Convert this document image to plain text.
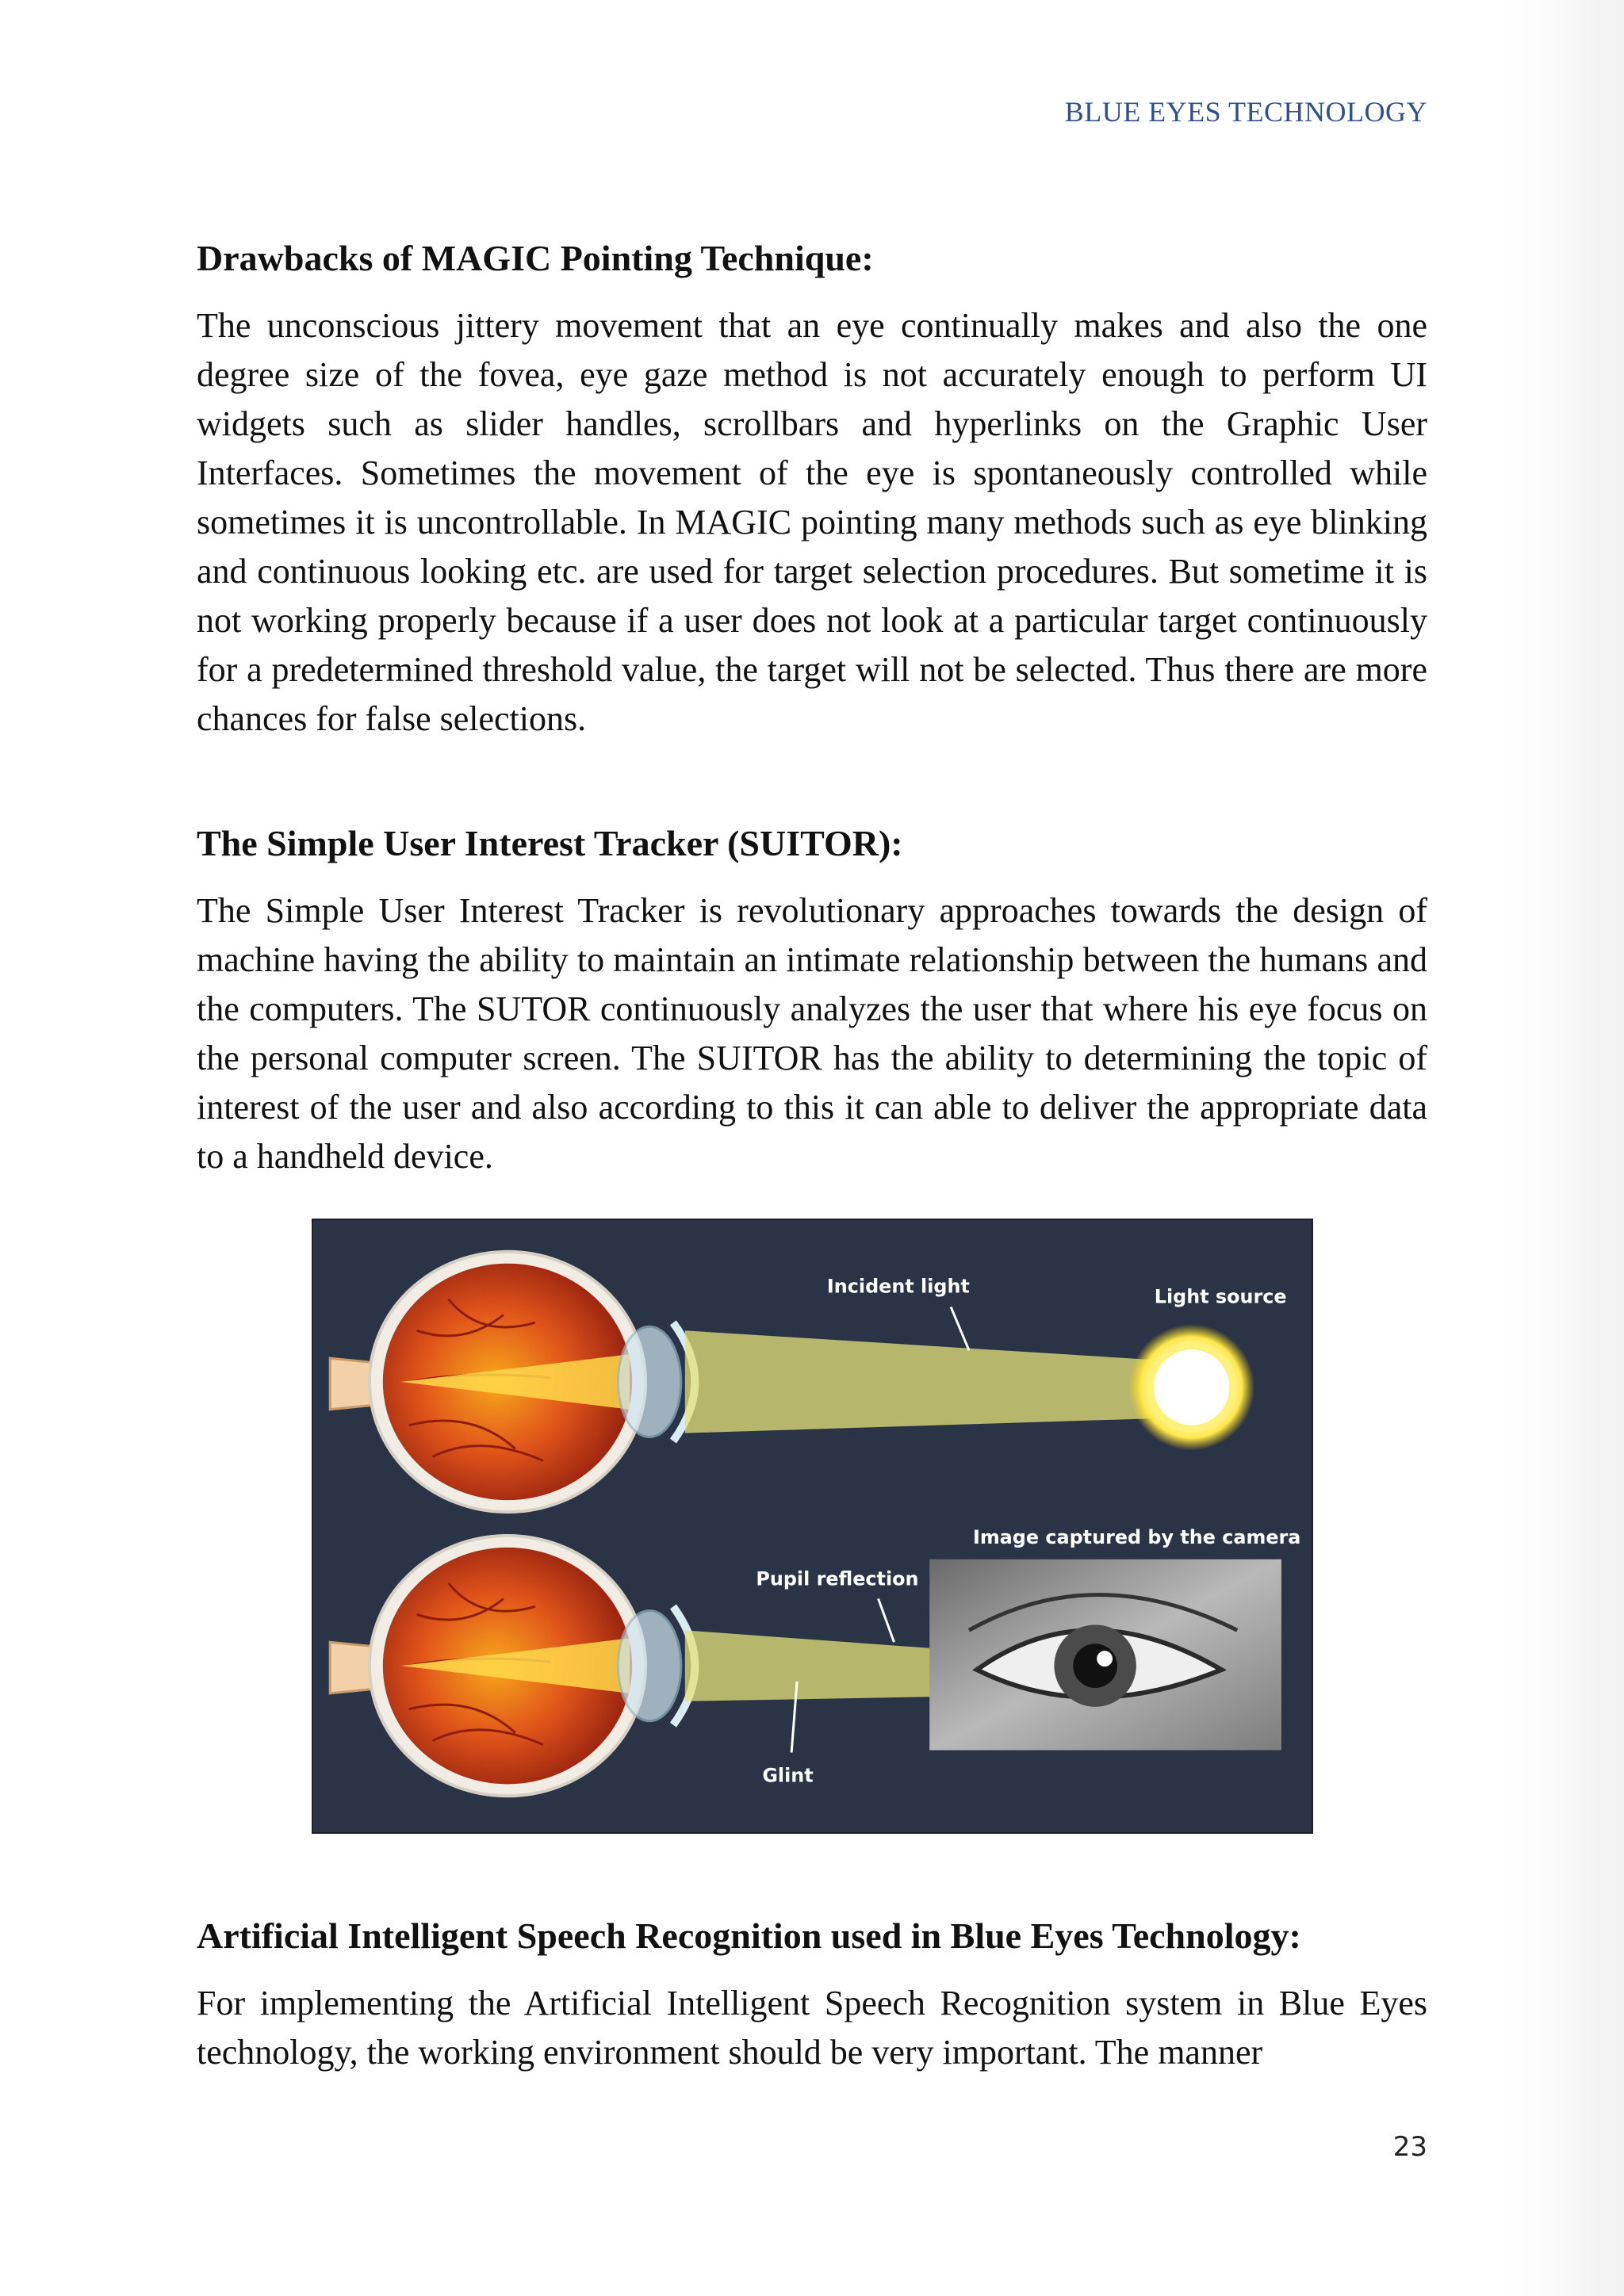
BLUE EYES TECHNOLOGY
Drawbacks of MAGIC Pointing Technique:

The unconscious jittery movement that an eye continually makes and also the one degree size of the fovea, eye gaze method is not accurately enough to perform UI widgets such as slider handles, scrollbars and hyperlinks on the Graphic User Interfaces. Sometimes the movement of the eye is spontaneously controlled while sometimes it is uncontrollable. In MAGIC pointing many methods such as eye blinking and continuous looking etc. are used for target selection procedures. But sometime it is not working properly because if a user does not look at a particular target continuously for a predetermined threshold value, the target will not be selected. Thus there are more chances for false selections.

The Simple User Interest Tracker (SUITOR):

The Simple User Interest Tracker is revolutionary approaches towards the design of machine having the ability to maintain an intimate relationship between the humans and the computers. The SUTOR continuously analyzes the user that where his eye focus on the personal computer screen. The SUITOR has the ability to determining the topic of interest of the user and also according to this it can able to deliver the appropriate data to a handheld device.

Incident light	Light source
Image captured by the camera
Pupil reflection
Glint
Artificial Intelligent Speech Recognition used in Blue Eyes Technology:

For implementing the Artificial Intelligent Speech Recognition system in Blue Eyes technology, the working environment should be very important. The manner

23
